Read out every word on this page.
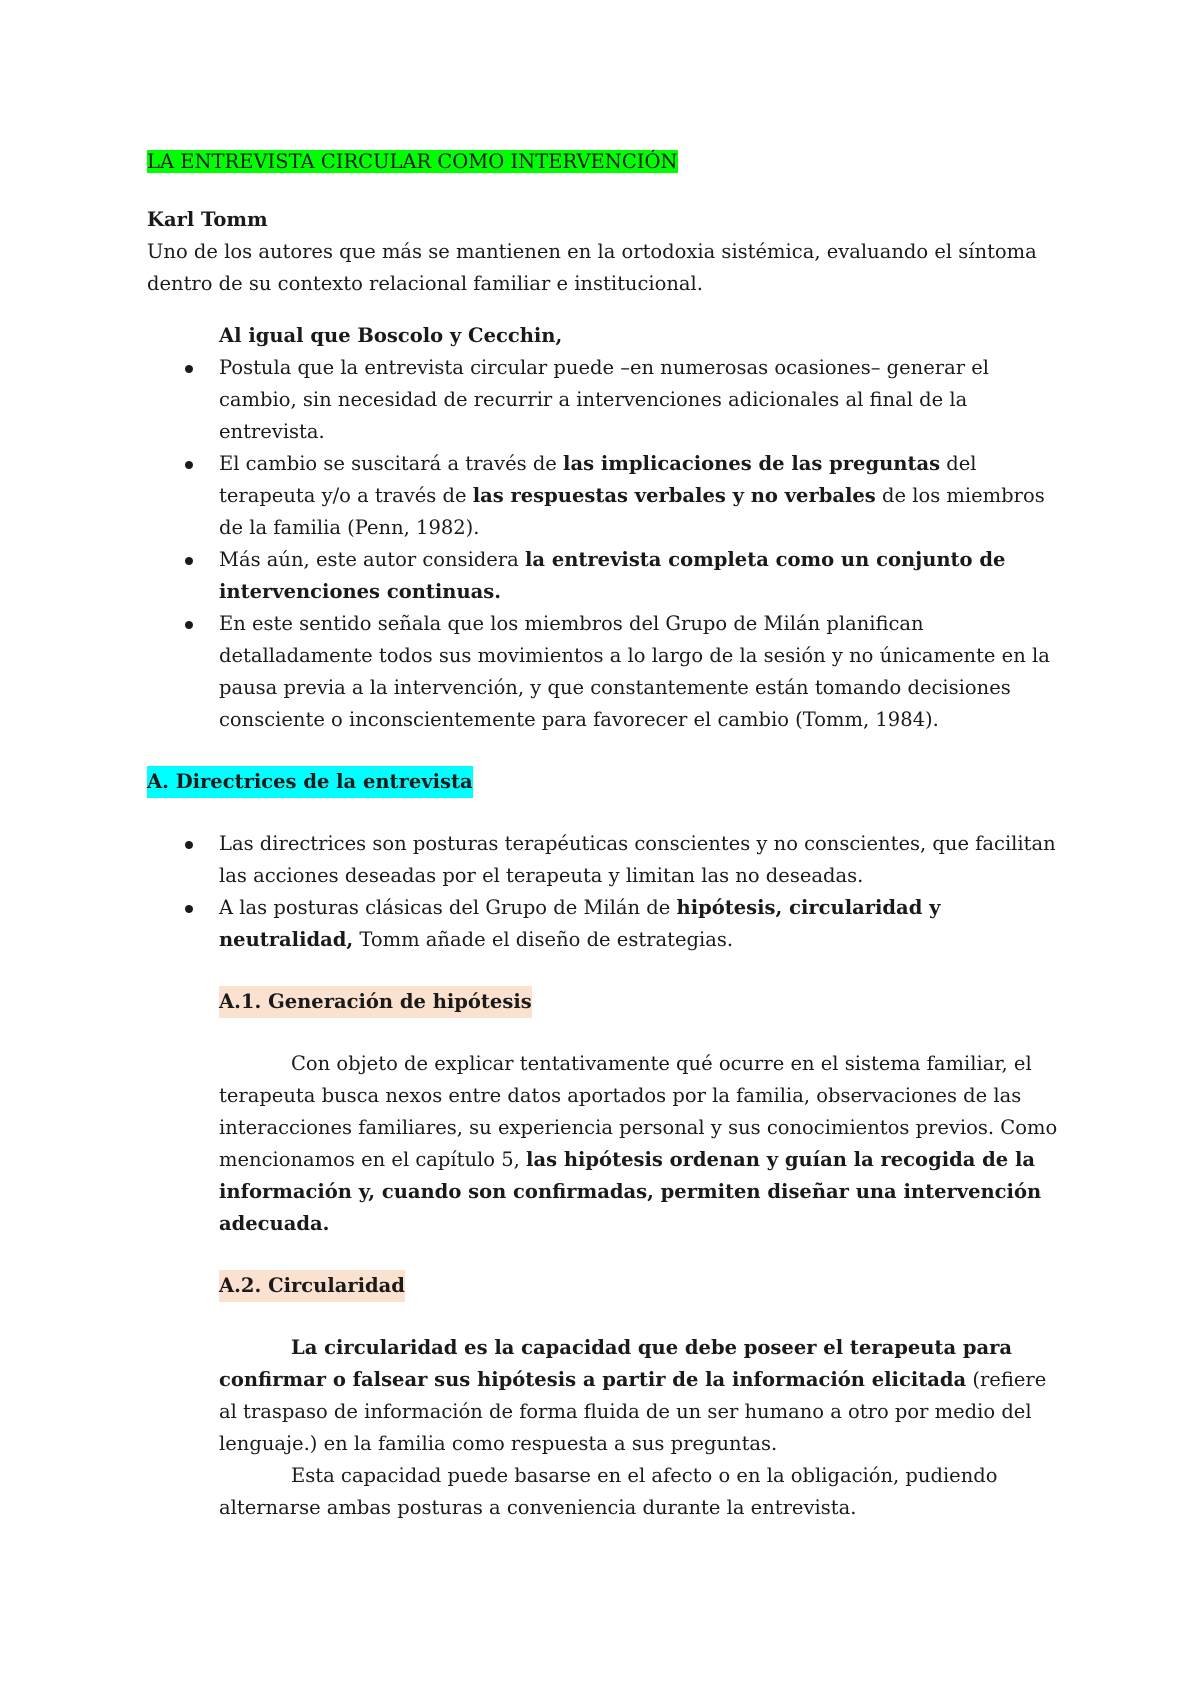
LA ENTREVISTA CIRCULAR COMO INTERVENCIÓN

Karl Tomm

Uno de los autores que más se mantienen en la ortodoxia sistémica, evaluando el síntoma dentro de su contexto relacional familiar e institucional.

Al igual que Boscolo y Cecchin,

Postula que la entrevista circular puede –en numerosas ocasiones– generar el cambio, sin necesidad de recurrir a intervenciones adicionales al final de la entrevista.
El cambio se suscitará a través de las implicaciones de las preguntas del terapeuta y/o a través de las respuestas verbales y no verbales de los miembros de la familia (Penn, 1982).
Más aún, este autor considera la entrevista completa como un conjunto de intervenciones continuas.
En este sentido señala que los miembros del Grupo de Milán planifican detalladamente todos sus movimientos a lo largo de la sesión y no únicamente en la pausa previa a la intervención, y que constantemente están tomando decisiones consciente o inconscientemente para favorecer el cambio (Tomm, 1984).

A. Directrices de la entrevista

Las directrices son posturas terapéuticas conscientes y no conscientes, que facilitan las acciones deseadas por el terapeuta y limitan las no deseadas.
A las posturas clásicas del Grupo de Milán de hipótesis, circularidad y neutralidad, Tomm añade el diseño de estrategias.

A.1. Generación de hipótesis

Con objeto de explicar tentativamente qué ocurre en el sistema familiar, el terapeuta busca nexos entre datos aportados por la familia, observaciones de las interacciones familiares, su experiencia personal y sus conocimientos previos. Como mencionamos en el capítulo 5, las hipótesis ordenan y guían la recogida de la información y, cuando son confirmadas, permiten diseñar una intervención adecuada.

A.2. Circularidad

La circularidad es la capacidad que debe poseer el terapeuta para confirmar o falsear sus hipótesis a partir de la información elicitada (refiere al traspaso de información de forma fluida de un ser humano a otro por medio del lenguaje.) en la familia como respuesta a sus preguntas.

Esta capacidad puede basarse en el afecto o en la obligación, pudiendo alternarse ambas posturas a conveniencia durante la entrevista.
